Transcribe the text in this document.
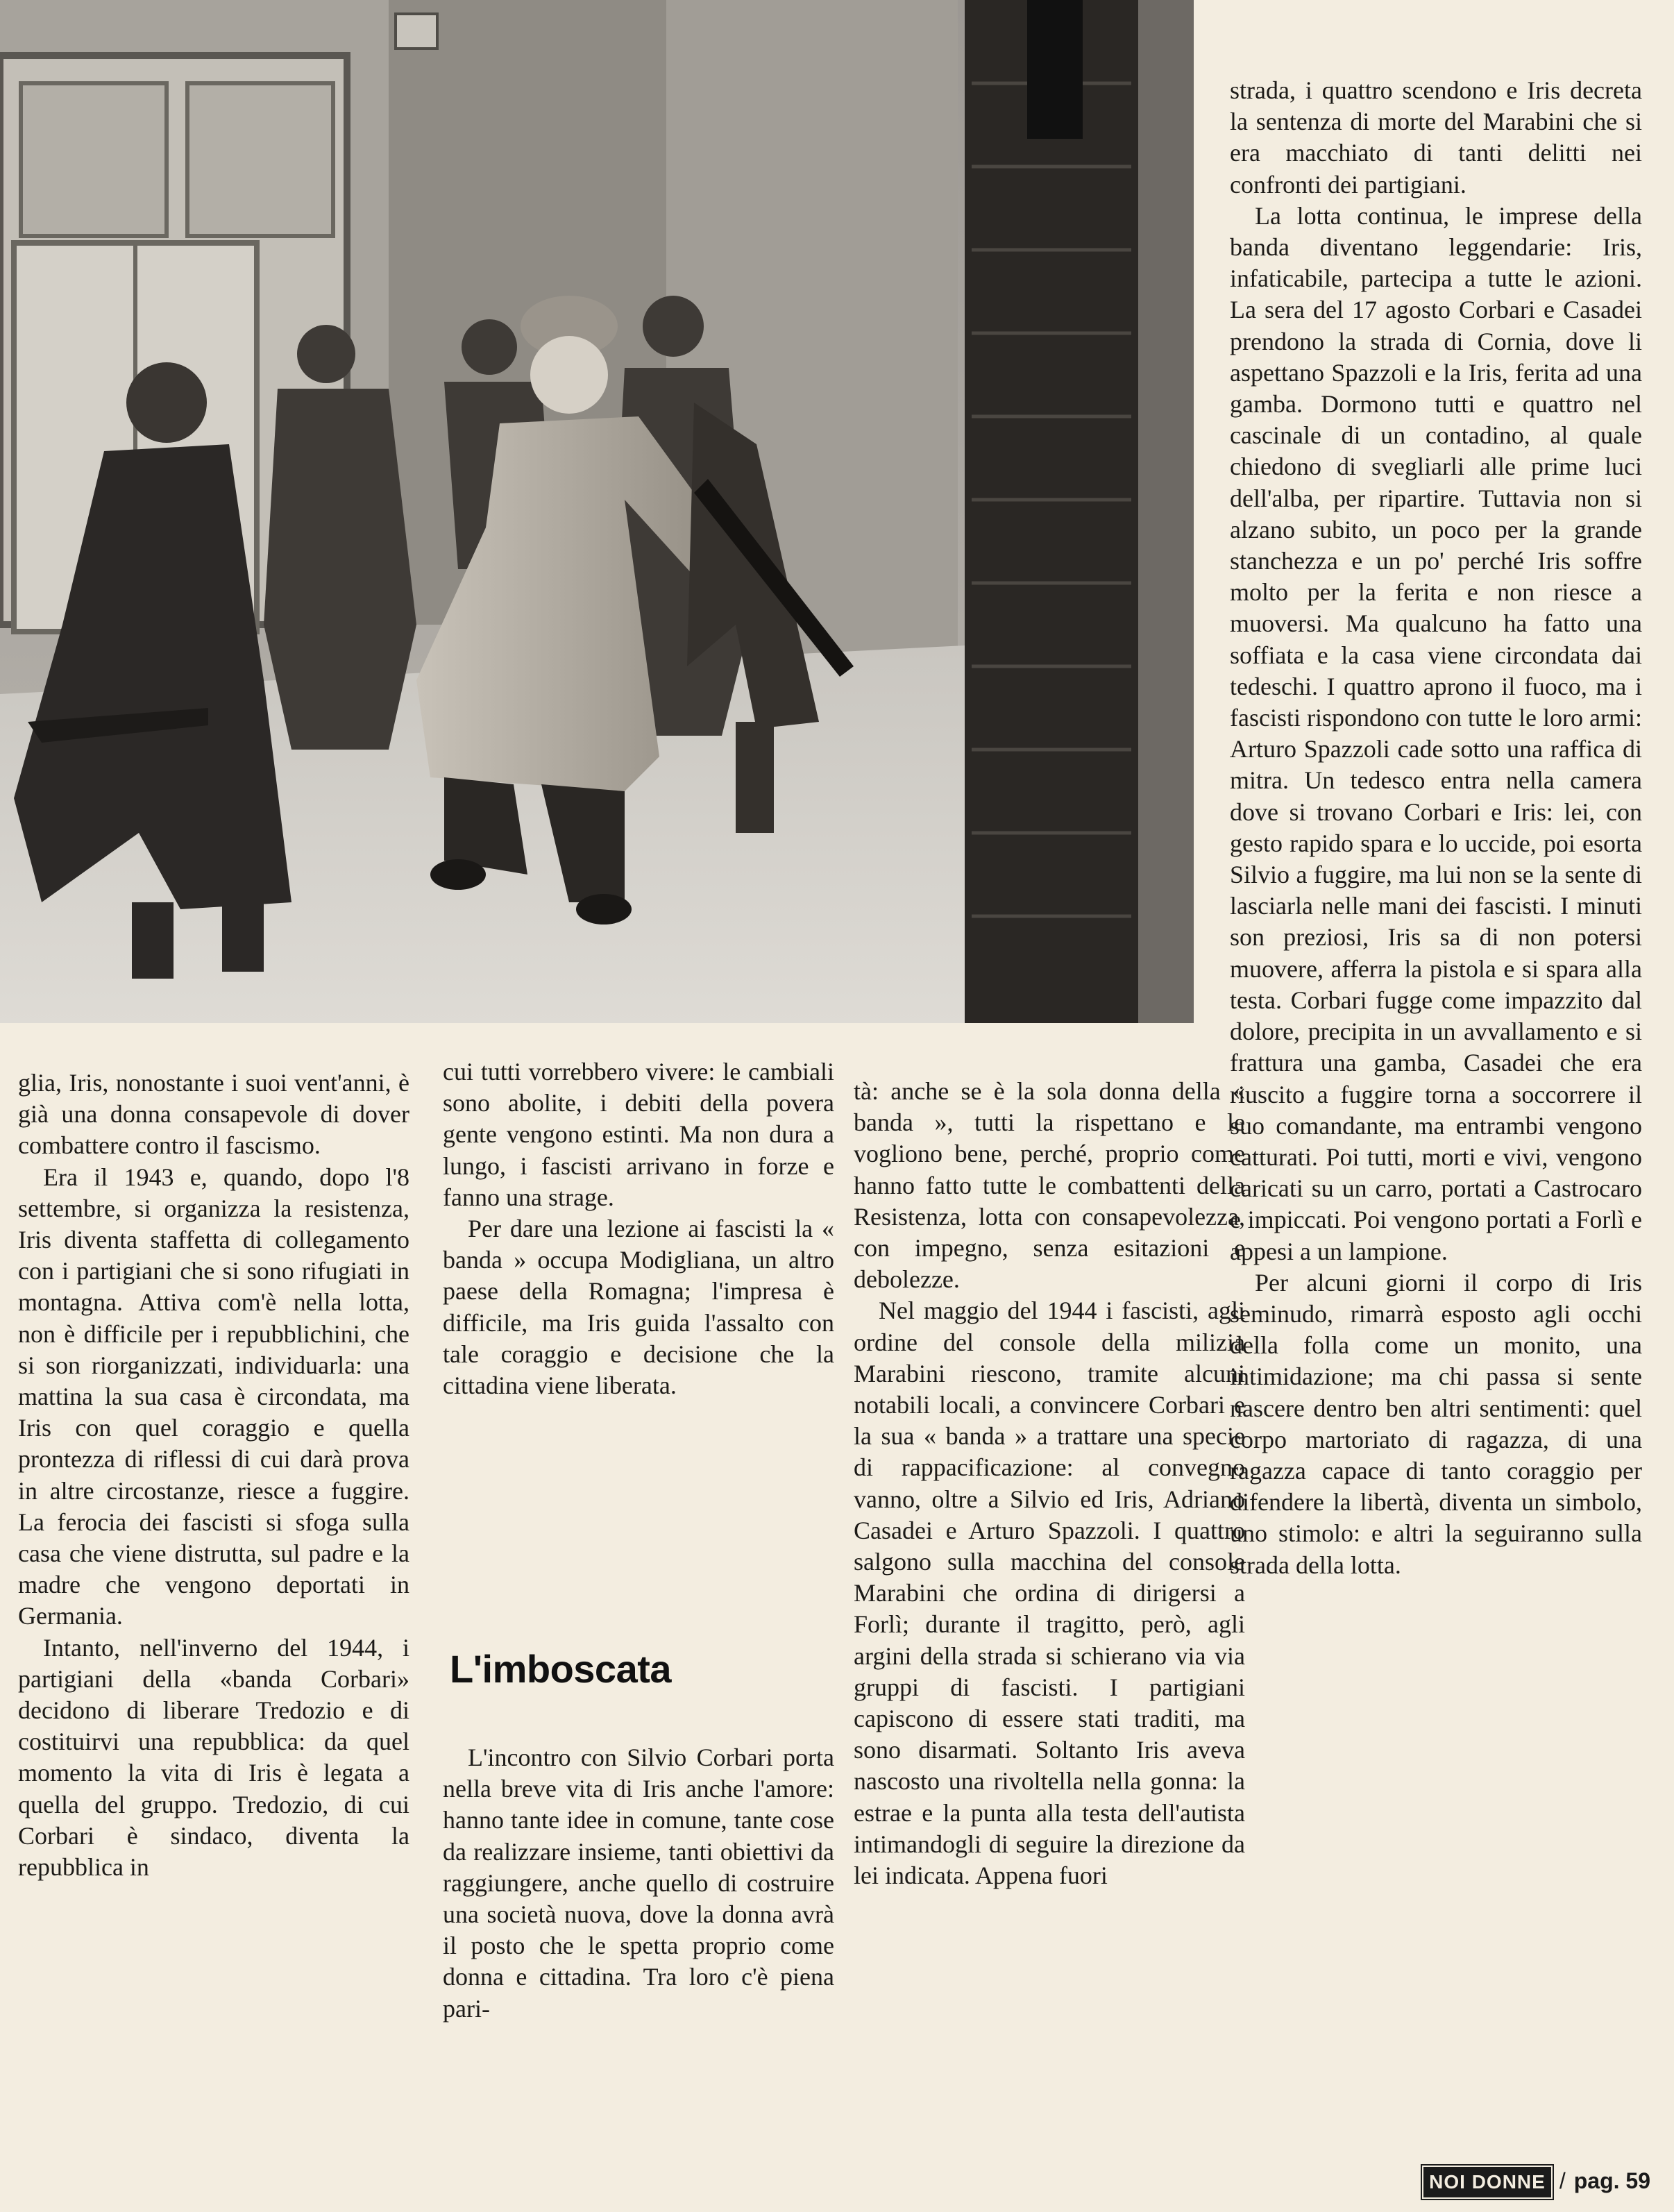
strada, i quattro scendono e Iris decreta la sentenza di morte del Marabini che si era macchiato di tanti delitti nei confronti dei partigiani.

La lotta continua, le imprese della banda diventano leggendarie: Iris, infaticabile, partecipa a tutte le azioni. La sera del 17 agosto Corbari e Casadei prendono la strada di Cornia, dove li aspettano Spazzoli e la Iris, ferita ad una gamba. Dormono tutti e quattro nel cascinale di un contadino, al quale chiedono di svegliarli alle prime luci dell'alba, per ripartire. Tuttavia non si alzano subito, un poco per la grande stanchezza e un po' perché Iris soffre molto per la ferita e non riesce a muoversi. Ma qualcuno ha fatto una soffiata e la casa viene circondata dai tedeschi. I quattro aprono il fuoco, ma i fascisti rispondono con tutte le loro armi: Arturo Spazzoli cade sotto una raffica di mitra. Un tedesco entra nella camera dove si trovano Corbari e Iris: lei, con gesto rapido spara e lo uccide, poi esorta Silvio a fuggire, ma lui non se la sente di lasciarla nelle mani dei fascisti. I minuti son preziosi, Iris sa di non potersi muovere, afferra la pistola e si spara alla testa. Corbari fugge come impazzito dal dolore, precipita in un avvallamento e si frattura una gamba, Casadei che era riuscito a fuggire torna a soccorrere il suo comandante, ma entrambi vengono catturati. Poi tutti, morti e vivi, vengono caricati su un carro, portati a Castrocaro e impiccati. Poi vengono portati a Forlì e appesi a un lampione.

Per alcuni giorni il corpo di Iris seminudo, rimarrà esposto agli occhi della folla come un monito, una intimidazione; ma chi passa si sente nascere dentro ben altri sentimenti: quel corpo martoriato di ragazza, di una ragazza capace di tanto coraggio per difendere la libertà, diventa un simbolo, uno stimolo: e altri la seguiranno sulla strada della lotta.

glia, Iris, nonostante i suoi vent'anni, è già una donna consapevole di dover combattere contro il fascismo.

Era il 1943 e, quando, dopo l'8 settembre, si organizza la resistenza, Iris diventa staffetta di collegamento con i partigiani che si sono rifugiati in montagna. Attiva com'è nella lotta, non è difficile per i repubblichini, che si son riorganizzati, individuarla: una mattina la sua casa è circondata, ma Iris con quel coraggio e quella prontezza di riflessi di cui darà prova in altre circostanze, riesce a fuggire. La ferocia dei fascisti si sfoga sulla casa che viene distrutta, sul padre e la madre che vengono deportati in Germania.

Intanto, nell'inverno del 1944, i partigiani della «banda Corbari» decidono di liberare Tredozio e di costituirvi una repubblica: da quel momento la vita di Iris è legata a quella del gruppo. Tredozio, di cui Corbari è sindaco, diventa la repubblica in

cui tutti vorrebbero vivere: le cambiali sono abolite, i debiti della povera gente vengono estinti. Ma non dura a lungo, i fascisti arrivano in forze e fanno una strage.

Per dare una lezione ai fascisti la « banda » occupa Modigliana, un altro paese della Romagna; l'impresa è difficile, ma Iris guida l'assalto con tale coraggio e decisione che la cittadina viene liberata.

L'imboscata

L'incontro con Silvio Corbari porta nella breve vita di Iris anche l'amore: hanno tante idee in comune, tante cose da realizzare insieme, tanti obiettivi da raggiungere, anche quello di costruire una società nuova, dove la donna avrà il posto che le spetta proprio come donna e cittadina. Tra loro c'è piena pari-

tà: anche se è la sola donna della « banda », tutti la rispettano e le vogliono bene, perché, proprio come hanno fatto tutte le combattenti della Resistenza, lotta con consapevolezza, con impegno, senza esitazioni e debolezze.

Nel maggio del 1944 i fascisti, agli ordine del console della milizia Marabini riescono, tramite alcuni notabili locali, a convincere Corbari e la sua « banda » a trattare una specie di rappacificazione: al convegno vanno, oltre a Silvio ed Iris, Adriano Casadei e Arturo Spazzoli. I quattro salgono sulla macchina del console Marabini che ordina di dirigersi a Forlì; durante il tragitto, però, agli argini della strada si schierano via via gruppi di fascisti. I partigiani capiscono di essere stati traditi, ma sono disarmati. Soltanto Iris aveva nascosto una rivoltella nella gonna: la estrae e la punta alla testa dell'autista intimandogli di seguire la direzione da lei indicata. Appena fuori

NOI DONNE / pag. 59
